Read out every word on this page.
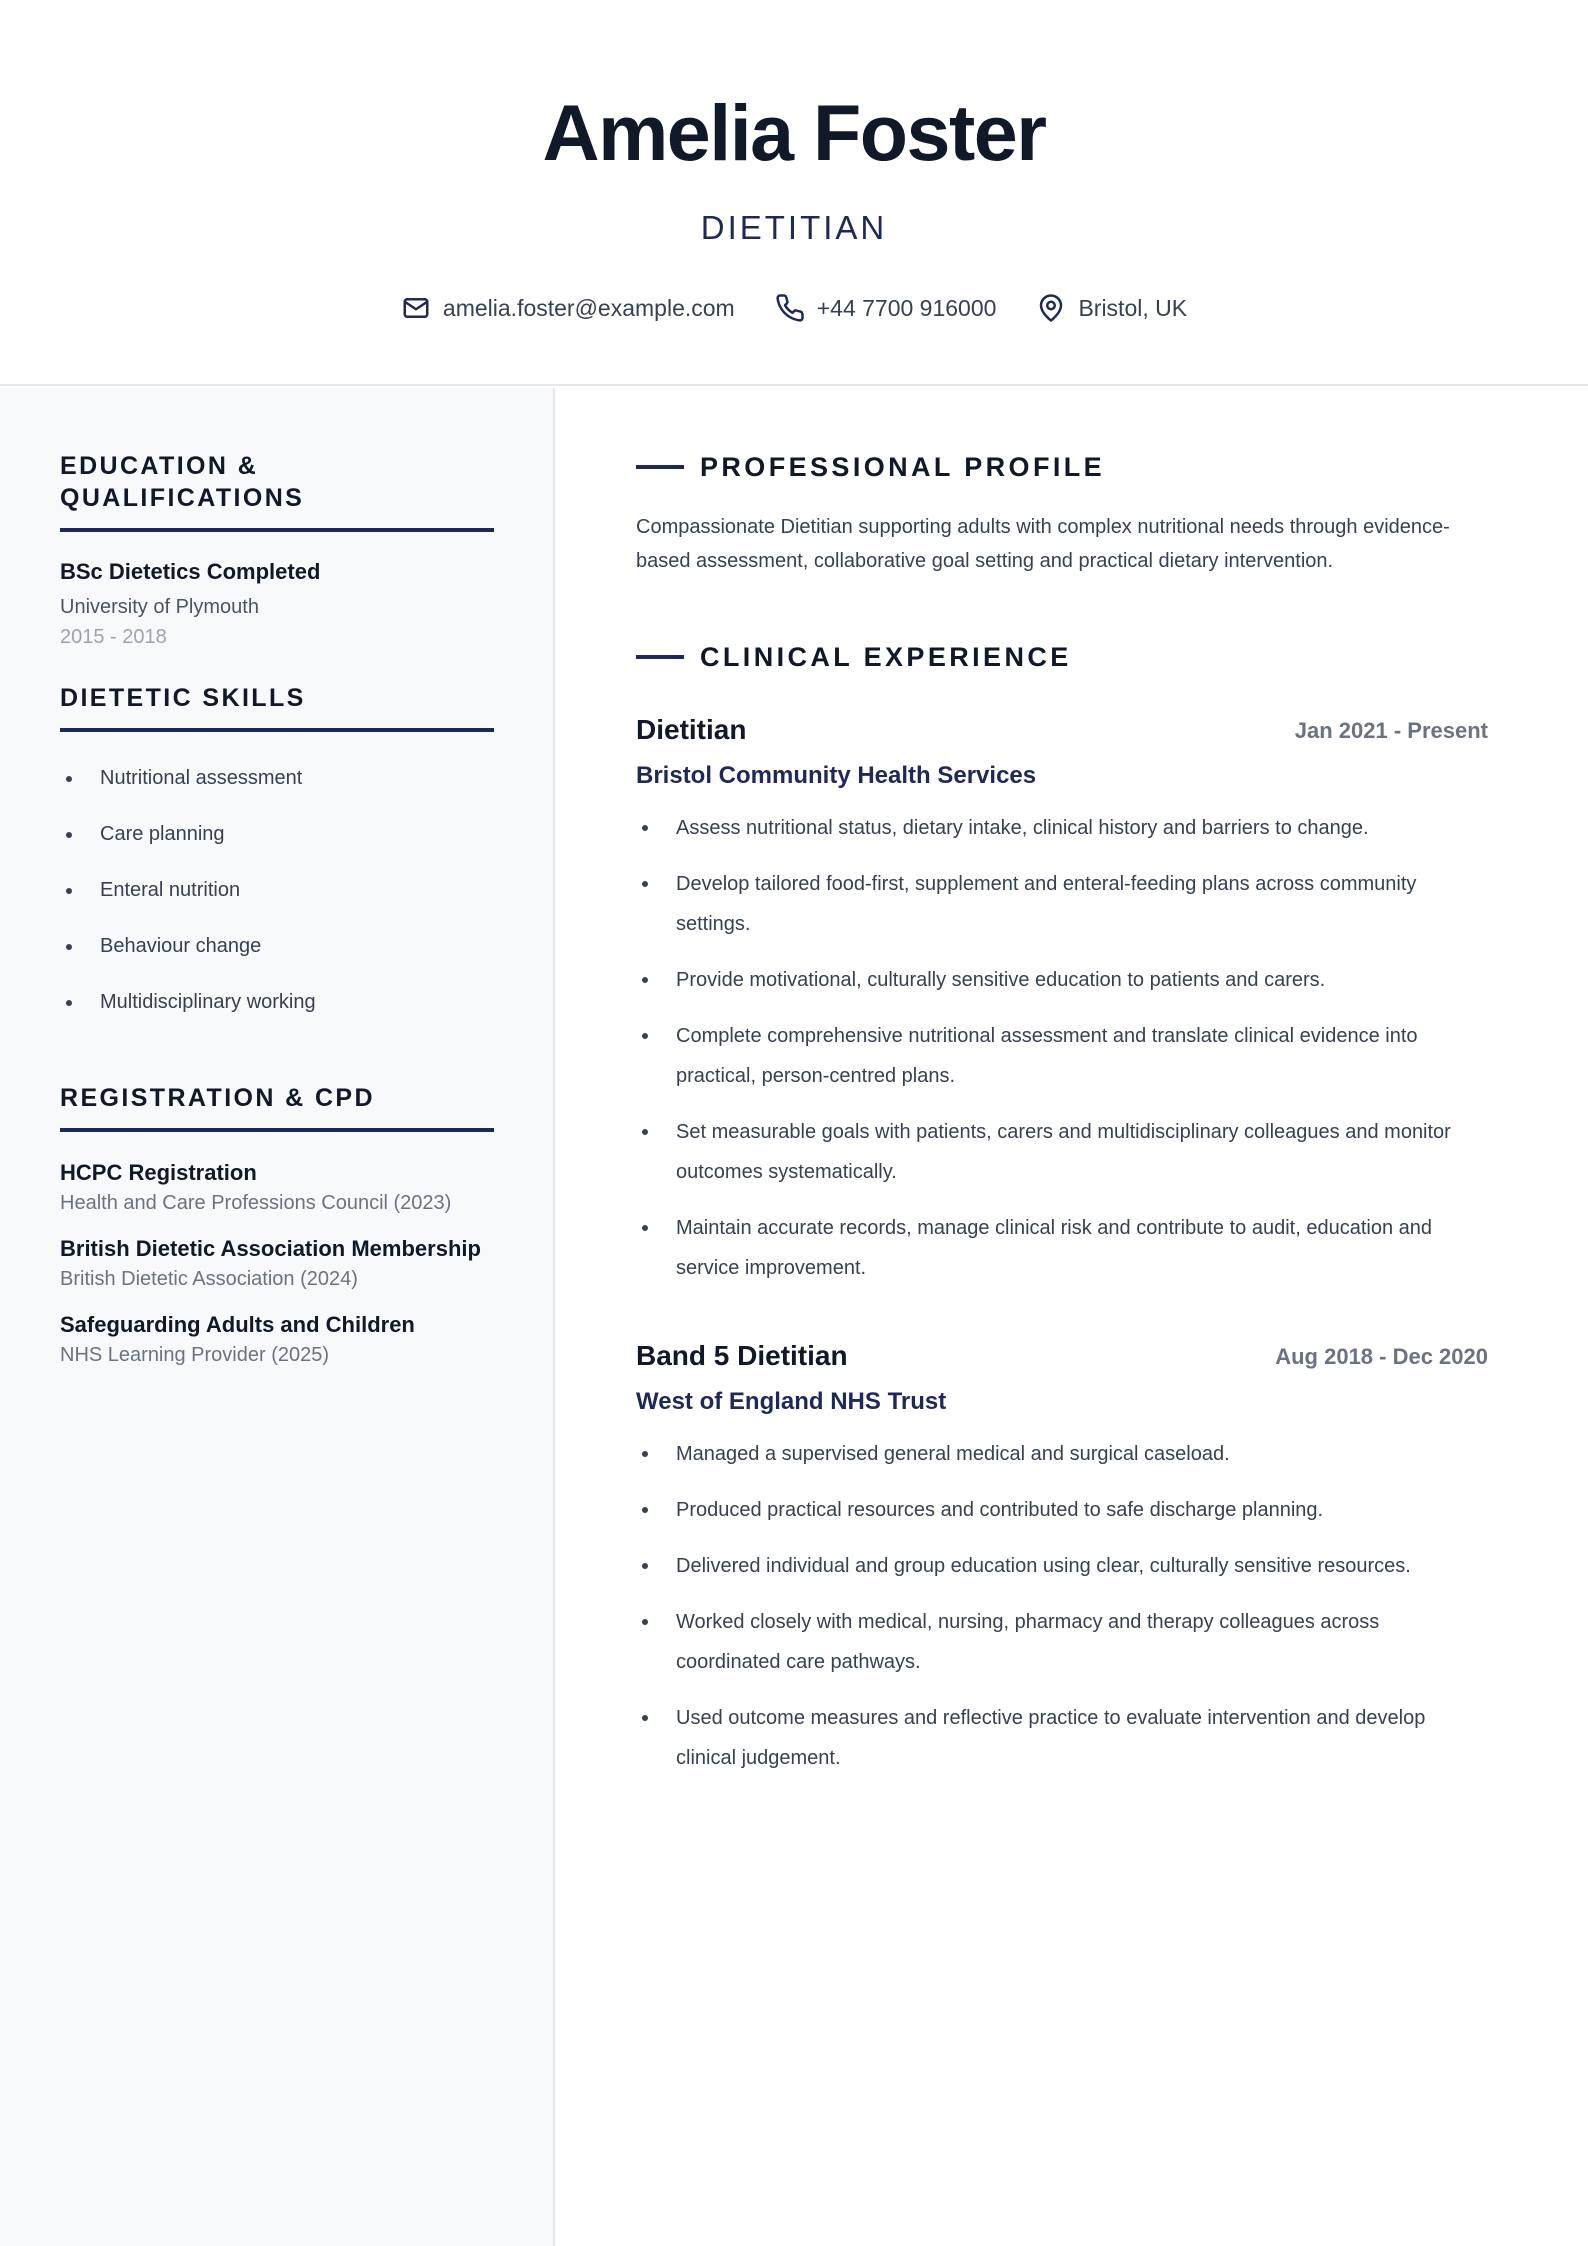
Amelia Foster
DIETITIAN
amelia.foster@example.com	+44 7700 916000	Bristol, UK
EDUCATION & QUALIFICATIONS
BSc Dietetics Completed
University of Plymouth
2015 - 2018
DIETETIC SKILLS
Nutritional assessment
Care planning
Enteral nutrition
Behaviour change
Multidisciplinary working
REGISTRATION & CPD
HCPC Registration
Health and Care Professions Council (2023)
British Dietetic Association Membership
British Dietetic Association (2024)
Safeguarding Adults and Children
NHS Learning Provider (2025)
PROFESSIONAL PROFILE
Compassionate Dietitian supporting adults with complex nutritional needs through evidence-based assessment, collaborative goal setting and practical dietary intervention.
CLINICAL EXPERIENCE
Dietitian	Jan 2021 - Present
Bristol Community Health Services
Assess nutritional status, dietary intake, clinical history and barriers to change.
Develop tailored food-first, supplement and enteral-feeding plans across community settings.
Provide motivational, culturally sensitive education to patients and carers.
Complete comprehensive nutritional assessment and translate clinical evidence into practical, person-centred plans.
Set measurable goals with patients, carers and multidisciplinary colleagues and monitor outcomes systematically.
Maintain accurate records, manage clinical risk and contribute to audit, education and service improvement.
Band 5 Dietitian	Aug 2018 - Dec 2020
West of England NHS Trust
Managed a supervised general medical and surgical caseload.
Produced practical resources and contributed to safe discharge planning.
Delivered individual and group education using clear, culturally sensitive resources.
Worked closely with medical, nursing, pharmacy and therapy colleagues across coordinated care pathways.
Used outcome measures and reflective practice to evaluate intervention and develop clinical judgement.
